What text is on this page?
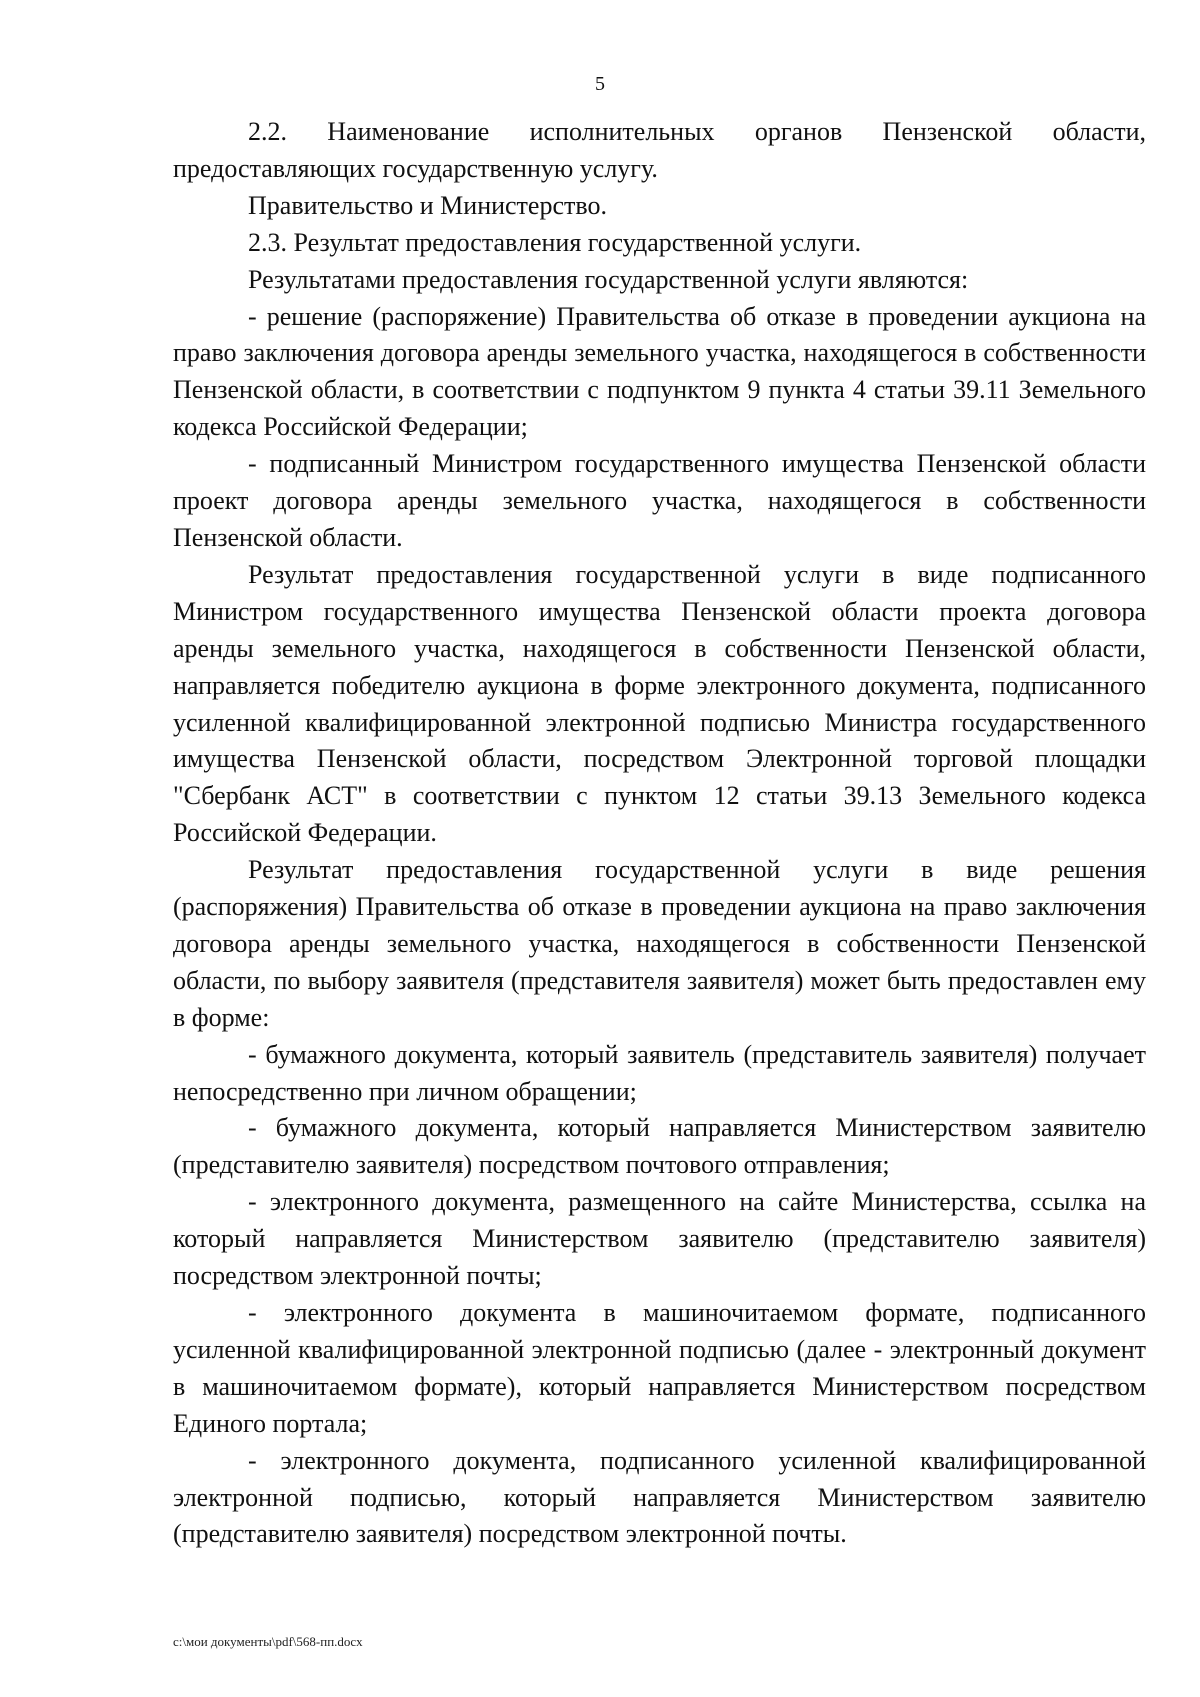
5

2.2. Наименование исполнительных органов Пензенской области, предоставляющих государственную услугу.

Правительство и Министерство.

2.3. Результат предоставления государственной услуги.

Результатами предоставления государственной услуги являются:

- решение (распоряжение) Правительства об отказе в проведении аукциона на право заключения договора аренды земельного участка, находящегося в собственности Пензенской области, в соответствии с подпунктом 9 пункта 4 статьи 39.11 Земельного кодекса Российской Федерации;

- подписанный Министром государственного имущества Пензенской области проект договора аренды земельного участка, находящегося в собственности Пензенской области.

Результат предоставления государственной услуги в виде подписанного Министром государственного имущества Пензенской области проекта договора аренды земельного участка, находящегося в собственности Пензенской области, направляется победителю аукциона в форме электронного документа, подписанного усиленной квалифицированной электронной подписью Министра государственного имущества Пензенской области, посредством Электронной торговой площадки "Сбербанк АСТ" в соответствии с пунктом 12 статьи 39.13 Земельного кодекса Российской Федерации.

Результат предоставления государственной услуги в виде решения (распоряжения) Правительства об отказе в проведении аукциона на право заключения договора аренды земельного участка, находящегося в собственности Пензенской области, по выбору заявителя (представителя заявителя) может быть предоставлен ему в форме:

- бумажного документа, который заявитель (представитель заявителя) получает непосредственно при личном обращении;

- бумажного документа, который направляется Министерством заявителю (представителю заявителя) посредством почтового отправления;

- электронного документа, размещенного на сайте Министерства, ссылка на который направляется Министерством заявителю (представителю заявителя) посредством электронной почты;

- электронного документа в машиночитаемом формате, подписанного усиленной квалифицированной электронной подписью (далее - электронный документ в машиночитаемом формате), который направляется Министерством посредством Единого портала;

- электронного документа, подписанного усиленной квалифицированной электронной подписью, который направляется Министерством заявителю (представителю заявителя) посредством электронной почты.

c:\мои документы\pdf\568-пп.docx
